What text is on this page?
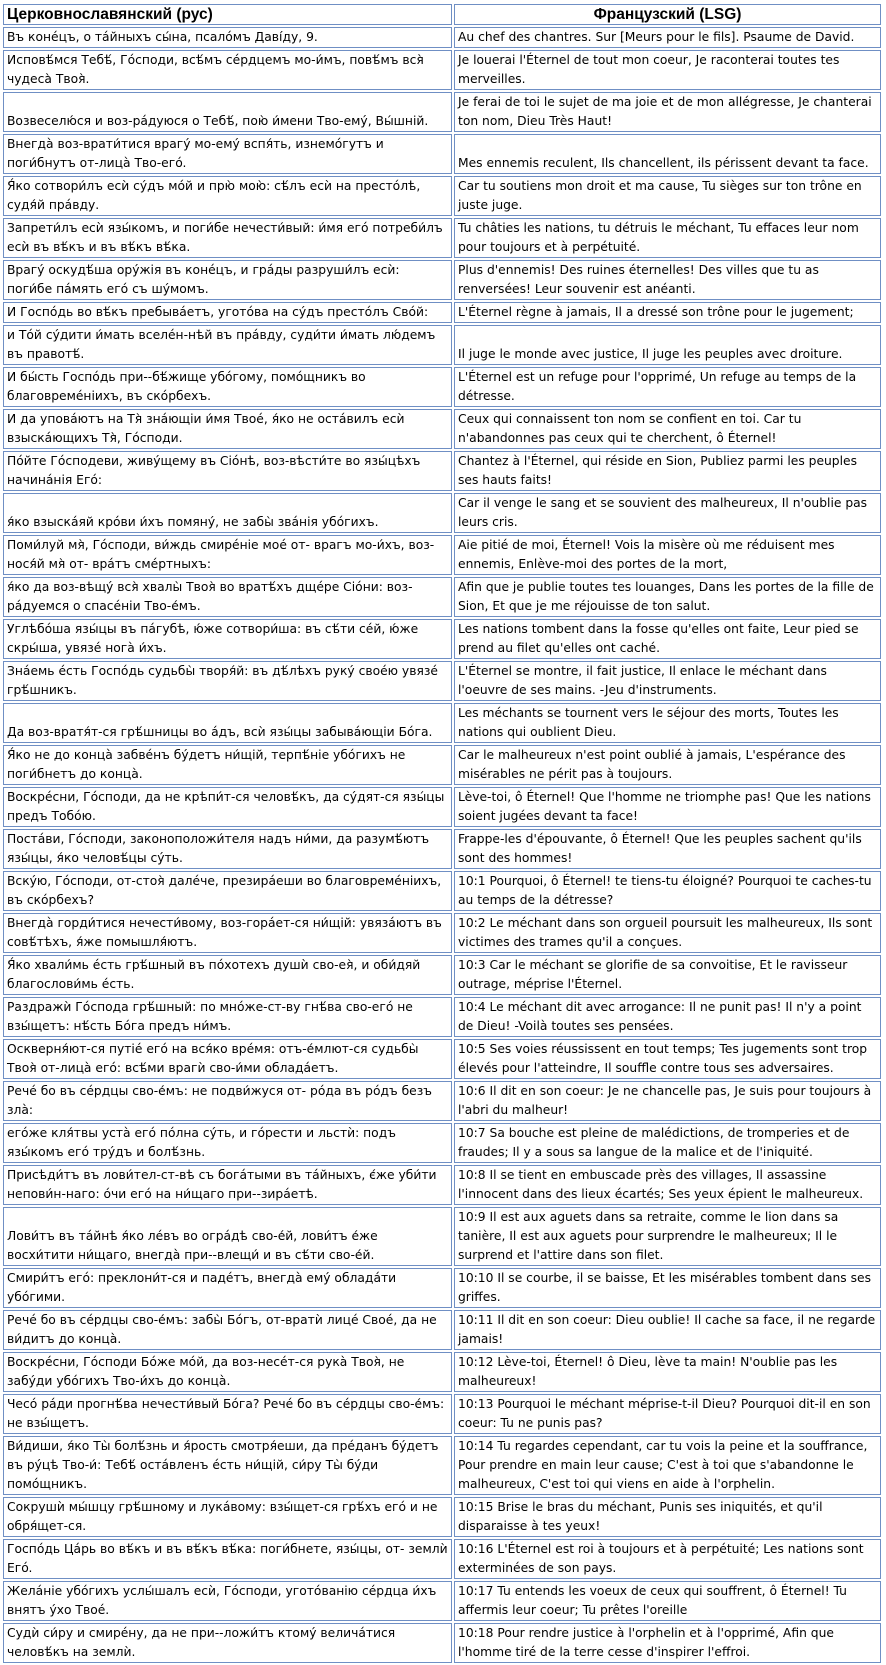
Церковнославянский (рус)	Французский (LSG)
Въ конéцъ, о тáйныхъ сы́на, псалóмъ Давíду, 9.	Au chef des chantres. Sur [Meurs pour le fils]. Psaume de David.
Исповѣ́мся Тебѣ́, Гóсподи, всѣ́мъ сéрдцемъ мо-и́мъ, повѣ́мъ вся̀ чудеса̀ Твоя̀.	Je louerai l'Éternel de tout mon coeur, Je raconterai toutes tes merveilles.
Возвеселю́ся и воз-рáдуюся о Тебѣ́, пою̀ и́мени Тво-емý, Вы́шній.	Je ferai de toi le sujet de ma joie et de mon allégresse, Je chanterai ton nom, Dieu Très Haut!
Внегдà воз-врати́тися врагý мо-емý вспя́ть, изнемóгутъ и поги́бнутъ от-лицà Тво-егó.	Mes ennemis reculent, Ils chancellent, ils périssent devant ta face.
Я́ко сотвори́лъ есѝ сýдъ мóй и прю̀ мою̀: сѣ́лъ есѝ на престóлѣ, судя́й прáвду.	Car tu soutiens mon droit et ma cause, Tu sièges sur ton trône en juste juge.
Запрети́лъ есѝ язы́комъ, и поги́бе нечести́вый: и́мя егó потреби́лъ есѝ въ вѣ́къ и въ вѣ́къ вѣ́ка.	Tu châties les nations, tu détruis le méchant, Tu effaces leur nom pour toujours et à perpétuité.
Врагý оскудѣ́ша орýжія въ конéцъ, и грáды разруши́лъ есѝ: поги́бе пáмять егó съ шýмомъ.	Plus d'ennemis! Des ruines éternelles! Des villes que tu as renversées! Leur souvenir est anéanti.
И Госпóдь во вѣ́къ пребывáетъ, уготóва на сýдъ престóлъ Свóй:	L'Éternel règne à jamais, Il a dressé son trône pour le jugement;
и Тóй сýдити и́мать вселéн-нѣй въ прáвду, суди́ти и́мать лю́демъ въ правотѣ́.	Il juge le monde avec justice, Il juge les peuples avec droiture.
И бы́сть Госпóдь при--бѣ́жище убóгому, помóщникъ во благовремéніихъ, въ скóрбехъ.	L'Éternel est un refuge pour l'opprimé, Un refuge au temps de la détresse.
И да уповáютъ на Тя̀ знáющіи и́мя Твоé, я́ко не остáвилъ есѝ взыскáющихъ Тя̀, Гóсподи.	Ceux qui connaissent ton nom se confient en toi. Car tu n'abandonnes pas ceux qui te cherchent, ô Éternel!
Пóйте Гóсподеви, живýщему въ Сіóнѣ, воз-вѣсти́те во язы́цѣхъ начинáнія Егó:	Chantez à l'Éternel, qui réside en Sion, Publiez parmi les peuples ses hauts faits!
я́ко взыскáяй крóви и́хъ помянý, не забы̀ звáнія убóгихъ.	Car il venge le sang et se souvient des malheureux, Il n'oublie pas leurs cris.
Поми́луй мя̀, Гóсподи, ви́ждь смирéніе моé от- врагъ мо-и́хъ, воз-нося́й мя̀ от- врáтъ смéртныхъ:	Aie pitié de moi, Éternel! Vois la misère où me réduisent mes ennemis, Enlève-moi des portes de la mort,
я́ко да воз-вѣщý вся̀ хвалы̀ Твоя̀ во вратѣ́хъ дщéре Сіóни: воз-рáдуемся о спасéніи Тво-е́мъ.	Afin que je publie toutes tes louanges, Dans les portes de la fille de Sion, Et que je me réjouisse de ton salut.
Углѣбóша язы́цы въ пáгубѣ, ю́же сотвори́ша: въ сѣ́ти сéй, ю́же скры́ша, увязé ногà и́хъ.	Les nations tombent dans la fosse qu'elles ont faite, Leur pied se prend au filet qu'elles ont caché.
Знáемь éсть Госпóдь судьбы̀ творя́й: въ дѣ́лѣхъ рукý своéю увязé грѣ́шникъ.	L'Éternel se montre, il fait justice, Il enlace le méchant dans l'oeuvre de ses mains. -Jeu d'instruments.
Да воз-вратя́т-ся грѣ́шницы во áдъ, всѝ язы́цы забывáющіи Бóга.	Les méchants se tournent vers le séjour des morts, Toutes les nations qui oublient Dieu.
Я́ко не до концà забвéнъ бýдетъ ни́щій, терпѣ́ніе убóгихъ не поги́бнетъ до концà.	Car le malheureux n'est point oublié à jamais, L'espérance des misérables ne périt pas à toujours.
Воскрéсни, Гóсподи, да не крѣпи́т-ся человѣ́къ, да сýдят-ся язы́цы предъ Тобóю.	Lève-toi, ô Éternel! Que l'homme ne triomphe pas! Que les nations soient jugées devant ta face!
Постáви, Гóсподи, законоположи́теля надъ ни́ми, да разумѣ́ютъ язы́цы, я́ко человѣ́цы сýть.	Frappe-les d'épouvante, ô Éternel! Que les peuples sachent qu'ils sont des hommes!
Вскýю, Гóсподи, от-стоя̀ далéче, презирáеши во благовремéніихъ, въ скóрбехъ?	10:1 Pourquoi, ô Éternel! te tiens-tu éloigné? Pourquoi te caches-tu au temps de la détresse?
Внегдà горди́тися нечести́вому, воз-горáет-ся ни́щій: увязáютъ въ совѣ́тѣхъ, я́же помышля́ютъ.	10:2 Le méchant dans son orgueil poursuit les malheureux, Ils sont victimes des trames qu'il a conçues.
Я́ко хвали́мь éсть грѣ́шный въ пóхотехъ душѝ сво-ея̀, и оби́дяй благослови́мь éсть.	10:3 Car le méchant se glorifie de sa convoitise, Et le ravisseur outrage, méprise l'Éternel.
Раздражѝ Гóспода грѣ́шный: по мнóже-ст-ву гнѣ́ва сво-егó не взы́щетъ: нѣ́сть Бóга предъ ни́мъ.	10:4 Le méchant dit avec arrogance: Il ne punit pas! Il n'y a point de Dieu! -Voilà toutes ses pensées.
Оскверня́ют-ся путіé егó на вся́ко врéмя: отъ-е́млют-ся судьбы̀ Твоя̀ от-лицà егó: всѣ́ми врагѝ сво-и́ми обладáетъ.	10:5 Ses voies réussissent en tout temps; Tes jugements sont trop élevés pour l'atteindre, Il souffle contre tous ses adversaires.
Речé бо въ сéрдцы сво-е́мъ: не подви́жуся от- рóда въ рóдъ безъ злà:	10:6 Il dit en son coeur: Je ne chancelle pas, Je suis pour toujours à l'abri du malheur!
егóже кля́твы устà егó пóлна сýть, и гóрести и льстѝ: подъ язы́комъ егó трýдъ и болѣ́знь.	10:7 Sa bouche est pleine de malédictions, de tromperies et de fraudes; Il y a sous sa langue de la malice et de l'iniquité.
Присѣди́тъ въ лови́тел-ст-вѣ съ богáтыми въ тáйныхъ, є́же уби́ти непови́н-наго: óчи егó на ни́щаго при--зирáетѣ.	10:8 Il se tient en embuscade près des villages, Il assassine l'innocent dans des lieux écartés; Ses yeux épient le malheureux.
Лови́тъ въ тáйнѣ я́ко лéвъ во огрáдѣ сво-е́й, лови́тъ е́же восхи́тити ни́щаго, внегдà при--влещи́ и въ сѣ́ти сво-е́й.	10:9 Il est aux aguets dans sa retraite, comme le lion dans sa tanière, Il est aux aguets pour surprendre le malheureux; Il le surprend et l'attire dans son filet.
Смири́тъ егó: преклони́т-ся и падéтъ, внегдà емý обладáти убóгими.	10:10 Il se courbe, il se baisse, Et les misérables tombent dans ses griffes.
Речé бо въ сéрдцы сво-е́мъ: забы̀ Бóгъ, от-вратѝ лицé Своé, да не ви́дитъ до концà.	10:11 Il dit en son coeur: Dieu oublie! Il cache sa face, il ne regarde jamais!
Воскрéсни, Гóсподи Бóже мóй, да воз-несéт-ся рукà Твоя̀, не забýди убóгихъ Тво-и́хъ до концà.	10:12 Lève-toi, Éternel! ô Dieu, lève ta main! N'oublie pas les malheureux!
Чесó рáди прогнѣ́ва нечести́вый Бóга? Речé бо въ сéрдцы сво-е́мъ: не взы́щетъ.	10:13 Pourquoi le méchant méprise-t-il Dieu? Pourquoi dit-il en son coeur: Tu ne punis pas?
Ви́диши, я́ко Ты̀ болѣ́знь и я́рость смотря́еши, да прéданъ бýдетъ въ рýцѣ Тво-и́: Тебѣ́ остáвленъ éсть ни́щій, си́ру Ты̀ бýди помóщникъ.	10:14 Tu regardes cependant, car tu vois la peine et la souffrance, Pour prendre en main leur cause; C'est à toi que s'abandonne le malheureux, C'est toi qui viens en aide à l'orphelin.
Сокрушѝ мы́шцу грѣ́шному и лукáвому: взы́щет-ся грѣ́хъ егó и не обря́щет-ся.	10:15 Brise le bras du méchant, Punis ses iniquités, et qu'il disparaisse à tes yeux!
Госпóдь Цáрь во вѣ́къ и въ вѣ́къ вѣ́ка: поги́бнете, язы́цы, от- землѝ Егó.	10:16 L'Éternel est roi à toujours et à perpétuité; Les nations sont exterminées de son pays.
Желáніе убóгихъ услы́шалъ есѝ, Гóсподи, уготóванію сéрдца и́хъ внятъ ýхо Твоé.	10:17 Tu entends les voeux de ceux qui souffrent, ô Éternel! Tu affermis leur coeur; Tu prêtes l'oreille
Судѝ си́ру и смирéну, да не при--ложи́тъ ктомý величáтися человѣ́къ на землѝ.	10:18 Pour rendre justice à l'orphelin et à l'opprimé, Afin que l'homme tiré de la terre cesse d'inspirer l'effroi.
